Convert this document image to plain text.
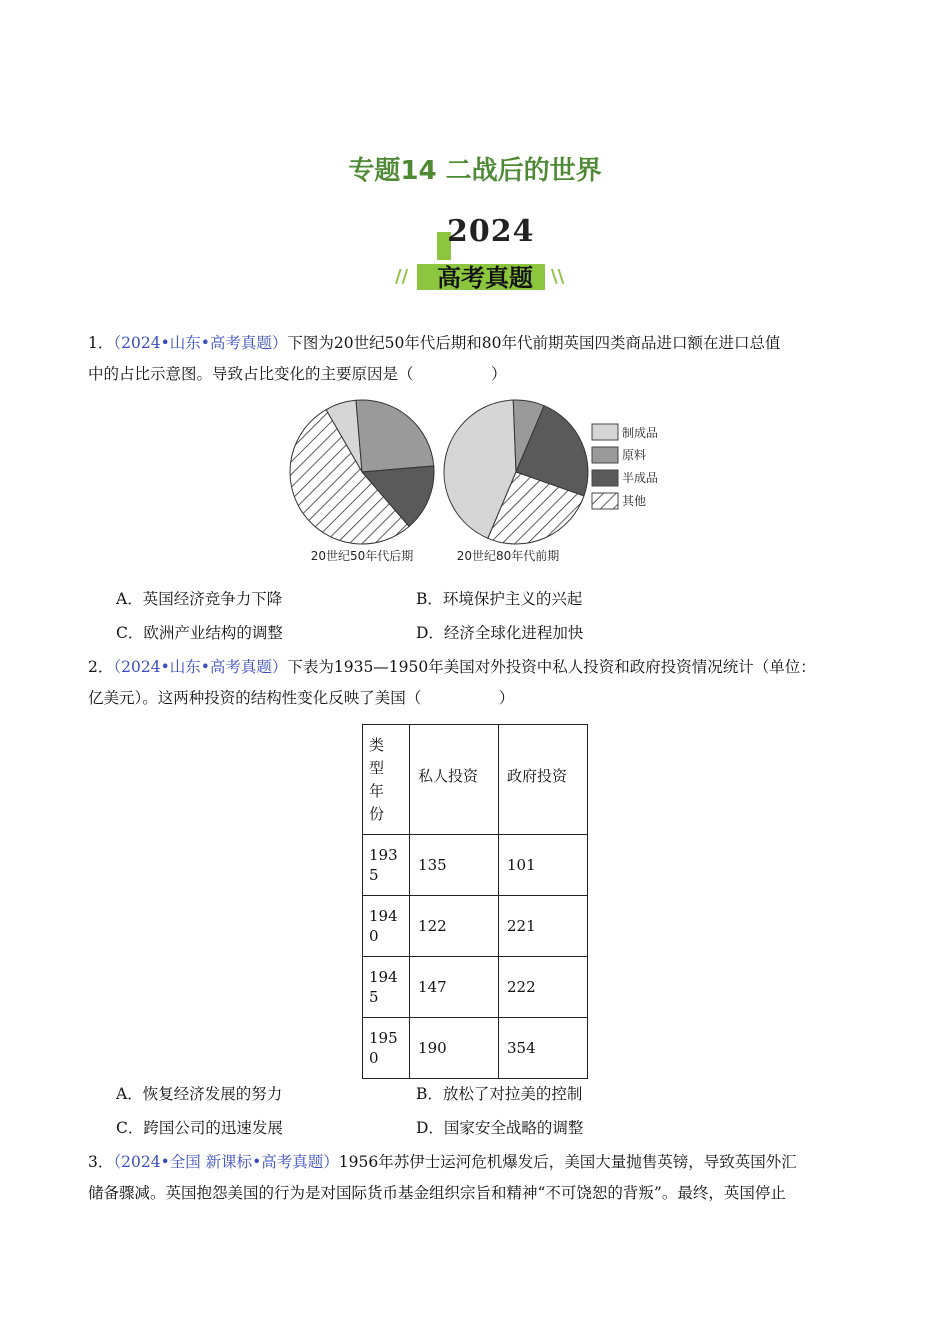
专题14 二战后的世界
2024
//	高考真题	\\
1．（2024•山东•高考真题）下图为20世纪50年代后期和80年代前期英国四类商品进口额在进口总值
中的占比示意图。导致占比变化的主要原因是（　　　　　）
20世纪50年代后期	20世纪80年代前期
制成品
原料
半成品
其他
A．英国经济竞争力下降	B．环境保护主义的兴起
C．欧洲产业结构的调整	D．经济全球化进程加快
2．（2024•山东•高考真题）下表为1935—1950年美国对外投资中私人投资和政府投资情况统计（单位：
亿美元）。这两种投资的结构性变化反映了美国（　　　　　）
类
型
年
份	私人投资	政府投资

193
5	135	101

194
0	122	221

194
5	147	222

195
0	190	354
A．恢复经济发展的努力	B．放松了对拉美的控制
C．跨国公司的迅速发展	D．国家安全战略的调整
3．（2024•全国 新课标•高考真题）1956年苏伊士运河危机爆发后，美国大量抛售英镑，导致英国外汇
储备骤减。英国抱怨美国的行为是对国际货币基金组织宗旨和精神“不可饶恕的背叛”。最终，英国停止
